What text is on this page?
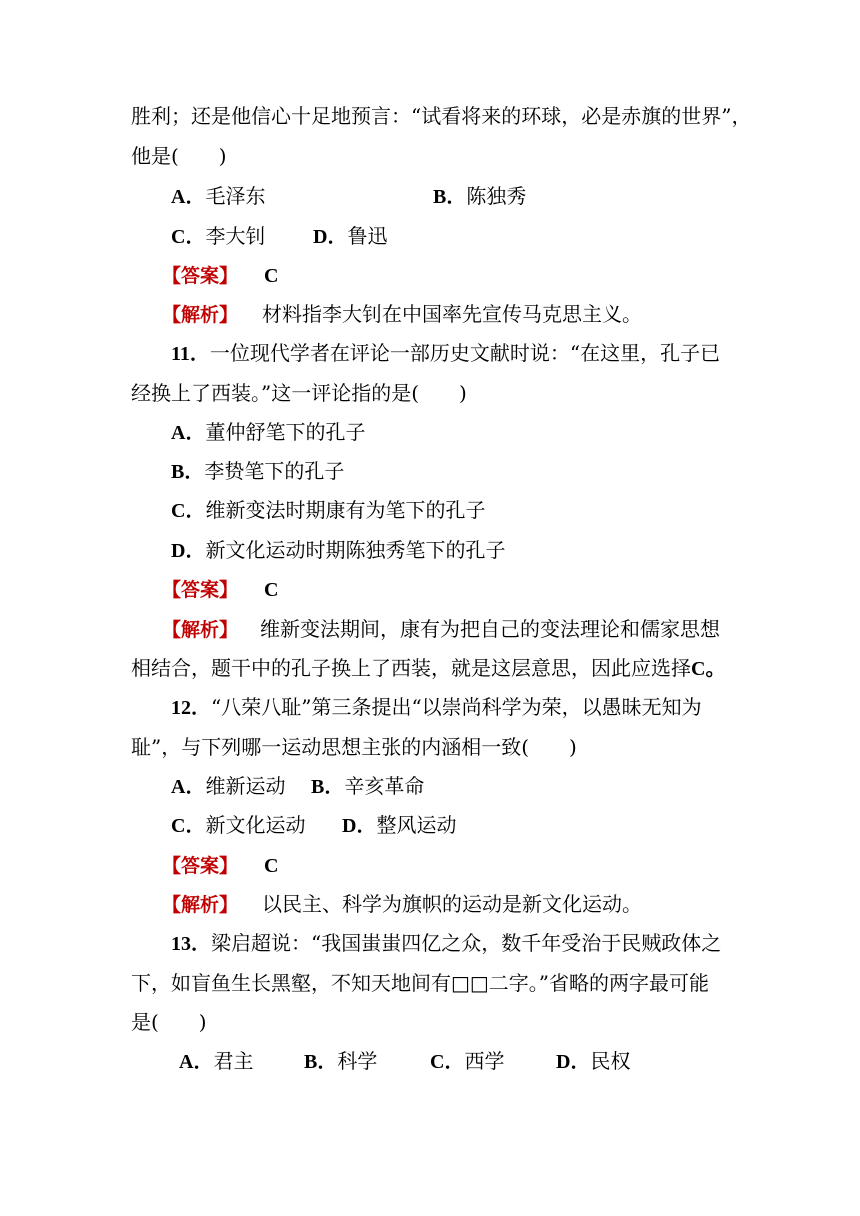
胜利；还是他信心十足地预言：“试看将来的环球，必是赤旗的世界”，
他是(　　)
A．毛泽东	B．陈独秀
C．李大钊 D．鲁迅
【答案】 C
【解析】 材料指李大钊在中国率先宣传马克思主义。
11．一位现代学者在评论一部历史文献时说：“在这里，孔子已
经换上了西装。”这一评论指的是(　　)
A．董仲舒笔下的孔子
B．李贽笔下的孔子
C．维新变法时期康有为笔下的孔子
D．新文化运动时期陈独秀笔下的孔子
【答案】 C
【解析】 维新变法期间，康有为把自己的变法理论和儒家思想
相结合，题干中的孔子换上了西装，就是这层意思，因此应选择C。
12．“八荣八耻”第三条提出“以崇尚科学为荣，以愚昧无知为
耻”，与下列哪一运动思想主张的内涵相一致(　　)
A．维新运动 B．辛亥革命
C．新文化运动 D．整风运动
【答案】 C
【解析】 以民主、科学为旗帜的运动是新文化运动。
13．梁启超说：“我国蚩蚩四亿之众，数千年受治于民贼政体之
下，如盲鱼生长黑壑，不知天地间有□□二字。”省略的两字最可能
是(　　)
A．君主	B．科学	C．西学	D．民权
